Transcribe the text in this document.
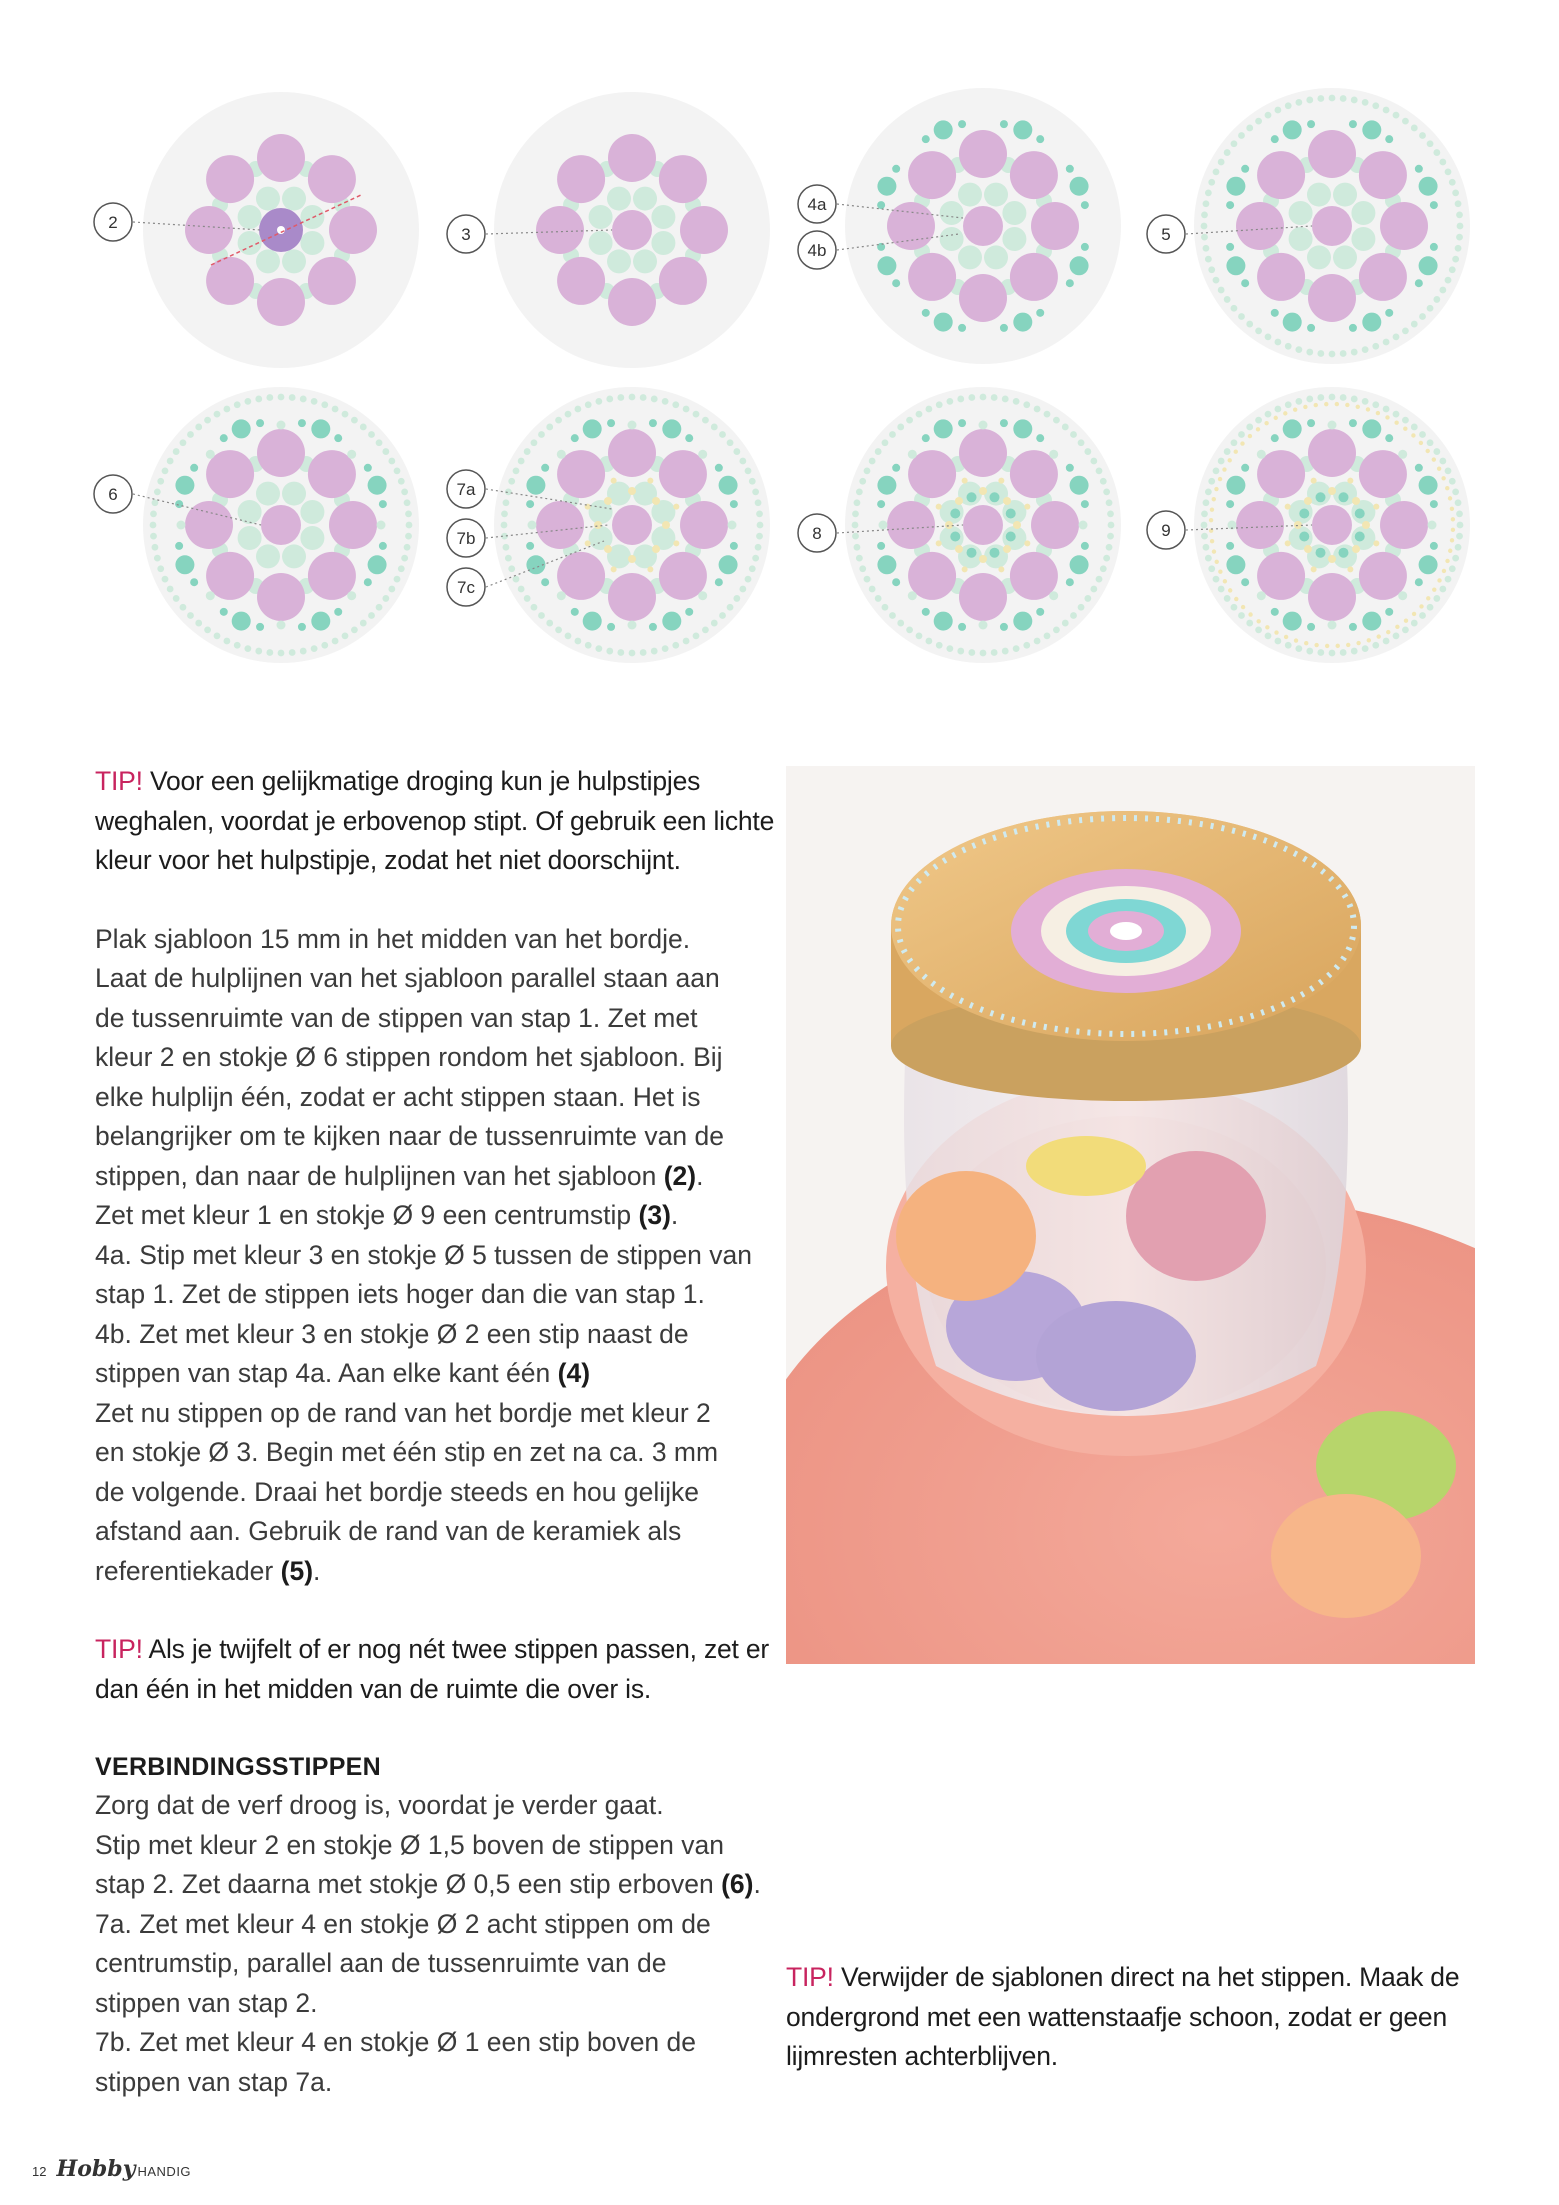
2
3
4a
4b
5
6	7a
7b
7c
8	9

TIP! Voor een gelijkmatige droging kun je hulpstipjes
weghalen, voordat je erbovenop stipt. Of gebruik een lichte
kleur voor het hulpstipje, zodat het niet doorschijnt.

Plak sjabloon 15 mm in het midden van het bordje.
Laat de hulplijnen van het sjabloon parallel staan aan
de tussenruimte van de stippen van stap 1. Zet met
kleur 2 en stokje Ø 6 stippen rondom het sjabloon. Bij
elke hulplijn één, zodat er acht stippen staan. Het is
belangrijker om te kijken naar de tussenruimte van de
stippen, dan naar de hulplijnen van het sjabloon (2).
Zet met kleur 1 en stokje Ø 9 een centrumstip (3).
4a. Stip met kleur 3 en stokje Ø 5 tussen de stippen van
stap 1. Zet de stippen iets hoger dan die van stap 1.
4b. Zet met kleur 3 en stokje Ø 2 een stip naast de
stippen van stap 4a. Aan elke kant één (4)
Zet nu stippen op de rand van het bordje met kleur 2
en stokje Ø 3. Begin met één stip en zet na ca. 3 mm
de volgende. Draai het bordje steeds en hou gelijke
afstand aan. Gebruik de rand van de keramiek als
referentiekader (5).

TIP! Als je twijfelt of er nog nét twee stippen passen, zet er
dan één in het midden van de ruimte die over is.

VERBINDINGSSTIPPEN

Zorg dat de verf droog is, voordat je verder gaat.
Stip met kleur 2 en stokje Ø 1,5 boven de stippen van
stap 2. Zet daarna met stokje Ø 0,5 een stip erboven (6).
7a. Zet met kleur 4 en stokje Ø 2 acht stippen om de
centrumstip, parallel aan de tussenruimte van de
stippen van stap 2.
7b. Zet met kleur 4 en stokje Ø 1 een stip boven de
stippen van stap 7a.

TIP! Verwijder de sjablonen direct na het stippen. Maak de
ondergrond met een wattenstaafje schoon, zodat er geen
lijmresten achterblijven.

12 Hobby HANDIG
